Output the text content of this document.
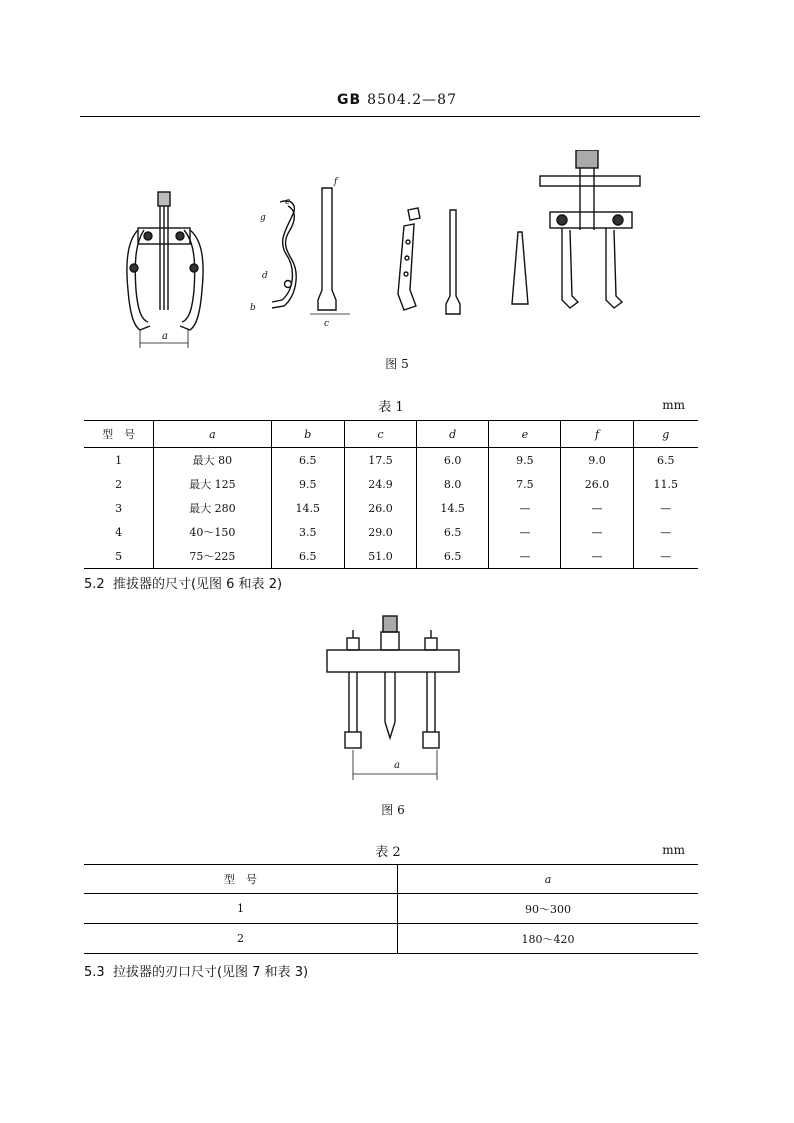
GB 8504.2—87
a
g
e
d
b
f
c
图 5
表 1	mm
型　号	a	b	c	d	e	f	g
1	最大 80	6.5	17.5	6.0	9.5	9.0	6.5
2	最大 125	9.5	24.9	8.0	7.5	26.0	11.5
3	最大 280	14.5	26.0	14.5	—	—	—
4	40～150	3.5	29.0	6.5	—	—	—
5	75～225	6.5	51.0	6.5	—	—	—
5.2 推拔器的尺寸(见图 6 和表 2)
a
图 6
表 2	mm
型　号	a
1	90～300
2	180～420
5.3 拉拔器的刃口尺寸(见图 7 和表 3)
